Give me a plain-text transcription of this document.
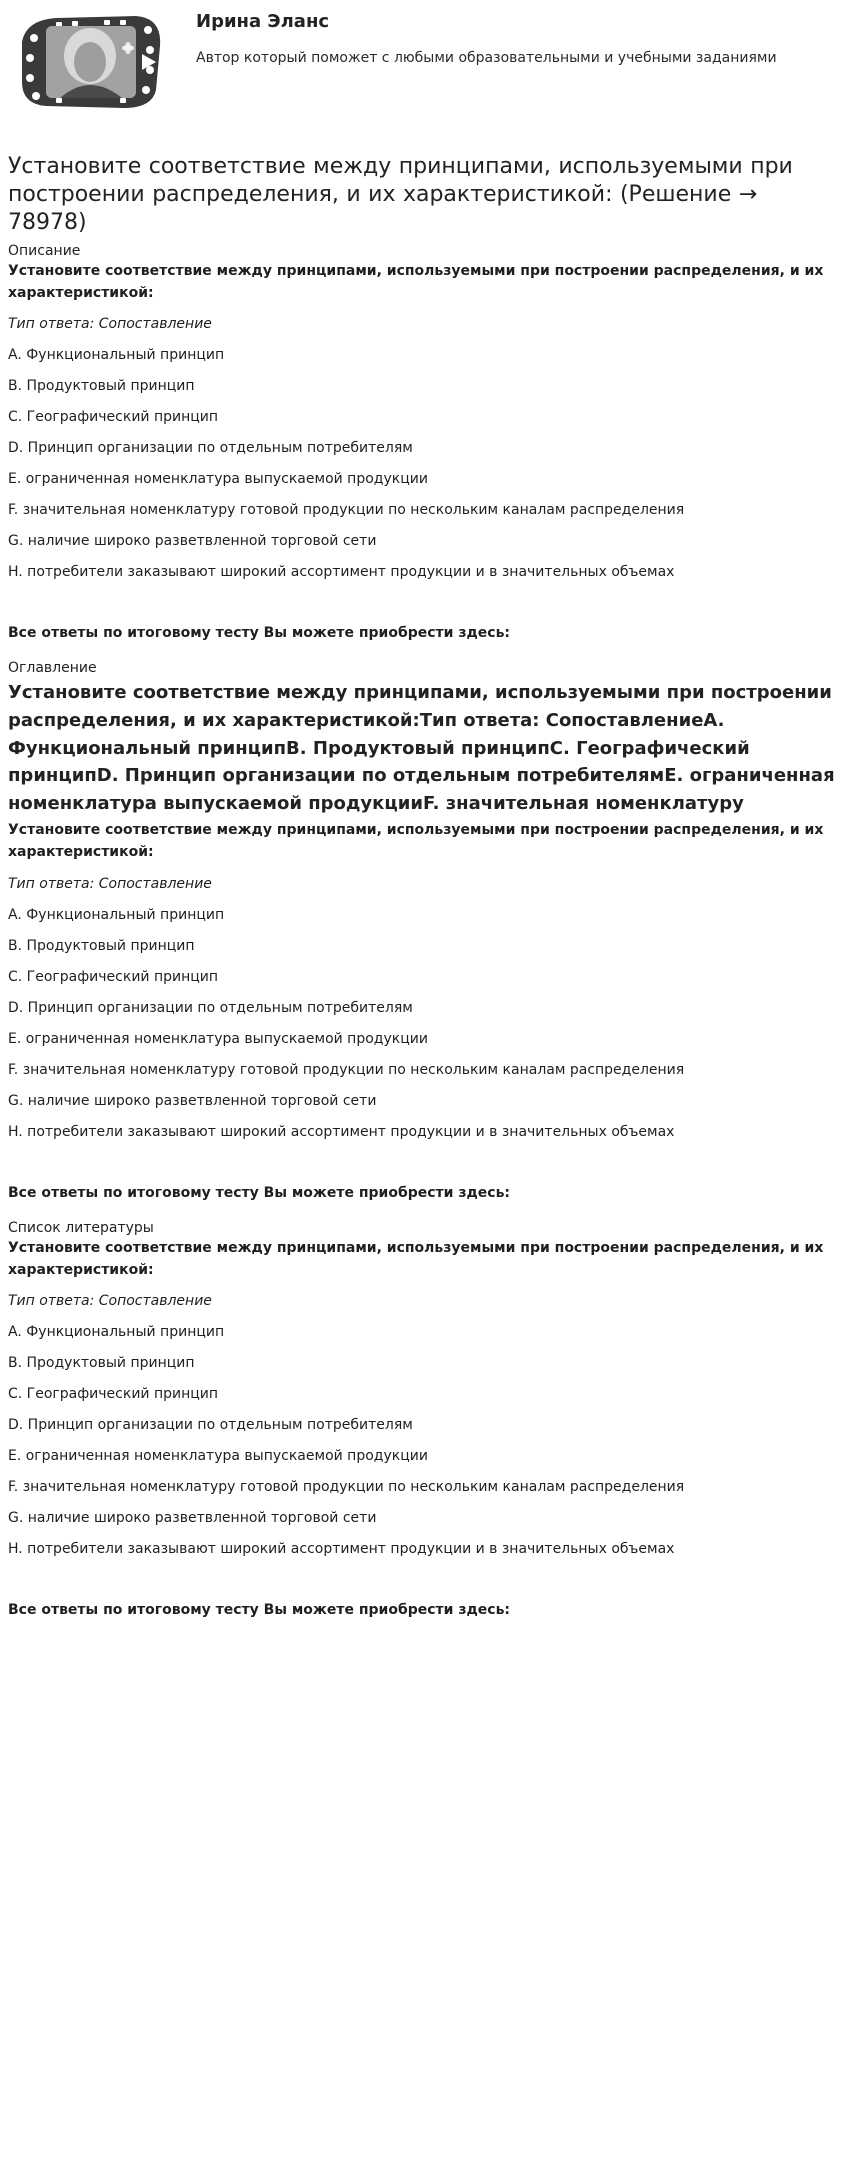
Ирина Эланс
Автор который поможет с любыми образовательными и учебными заданиями
Установите соответствие между принципами, используемыми при построении распределения, и их характеристикой: (Решение → 78978)
Описание

Установите соответствие между принципами, используемыми при построении распределения, и их характеристикой:

Тип ответа: Сопоставление

A. Функциональный принцип

B. Продуктовый принцип

C. Географический принцип

D. Принцип организации по отдельным потребителям

E. ограниченная номенклатура выпускаемой продукции

F. значительная номенклатуру готовой продукции по нескольким каналам распределения

G. наличие широко разветвленной торговой сети

H. потребители заказывают широкий ассортимент продукции и в значительных объемах

Все ответы по итоговому тесту Вы можете приобрести здесь:

Оглавление
Установите соответствие между принципами, используемыми при построении распределения, и их характеристикой:Тип ответа: СопоставлениеA. Функциональный принципB. Продуктовый принципC. Географический принципD. Принцип организации по отдельным потребителямE. ограниченная номенклатура выпускаемой продукцииF. значительная номенклатуру

Установите соответствие между принципами, используемыми при построении распределения, и их характеристикой:

Тип ответа: Сопоставление

A. Функциональный принцип

B. Продуктовый принцип

C. Географический принцип

D. Принцип организации по отдельным потребителям

E. ограниченная номенклатура выпускаемой продукции

F. значительная номенклатуру готовой продукции по нескольким каналам распределения

G. наличие широко разветвленной торговой сети

H. потребители заказывают широкий ассортимент продукции и в значительных объемах

Все ответы по итоговому тесту Вы можете приобрести здесь:

Список литературы

Установите соответствие между принципами, используемыми при построении распределения, и их характеристикой:

Тип ответа: Сопоставление

A. Функциональный принцип

B. Продуктовый принцип

C. Географический принцип

D. Принцип организации по отдельным потребителям

E. ограниченная номенклатура выпускаемой продукции

F. значительная номенклатуру готовой продукции по нескольким каналам распределения

G. наличие широко разветвленной торговой сети

H. потребители заказывают широкий ассортимент продукции и в значительных объемах

Все ответы по итоговому тесту Вы можете приобрести здесь:
